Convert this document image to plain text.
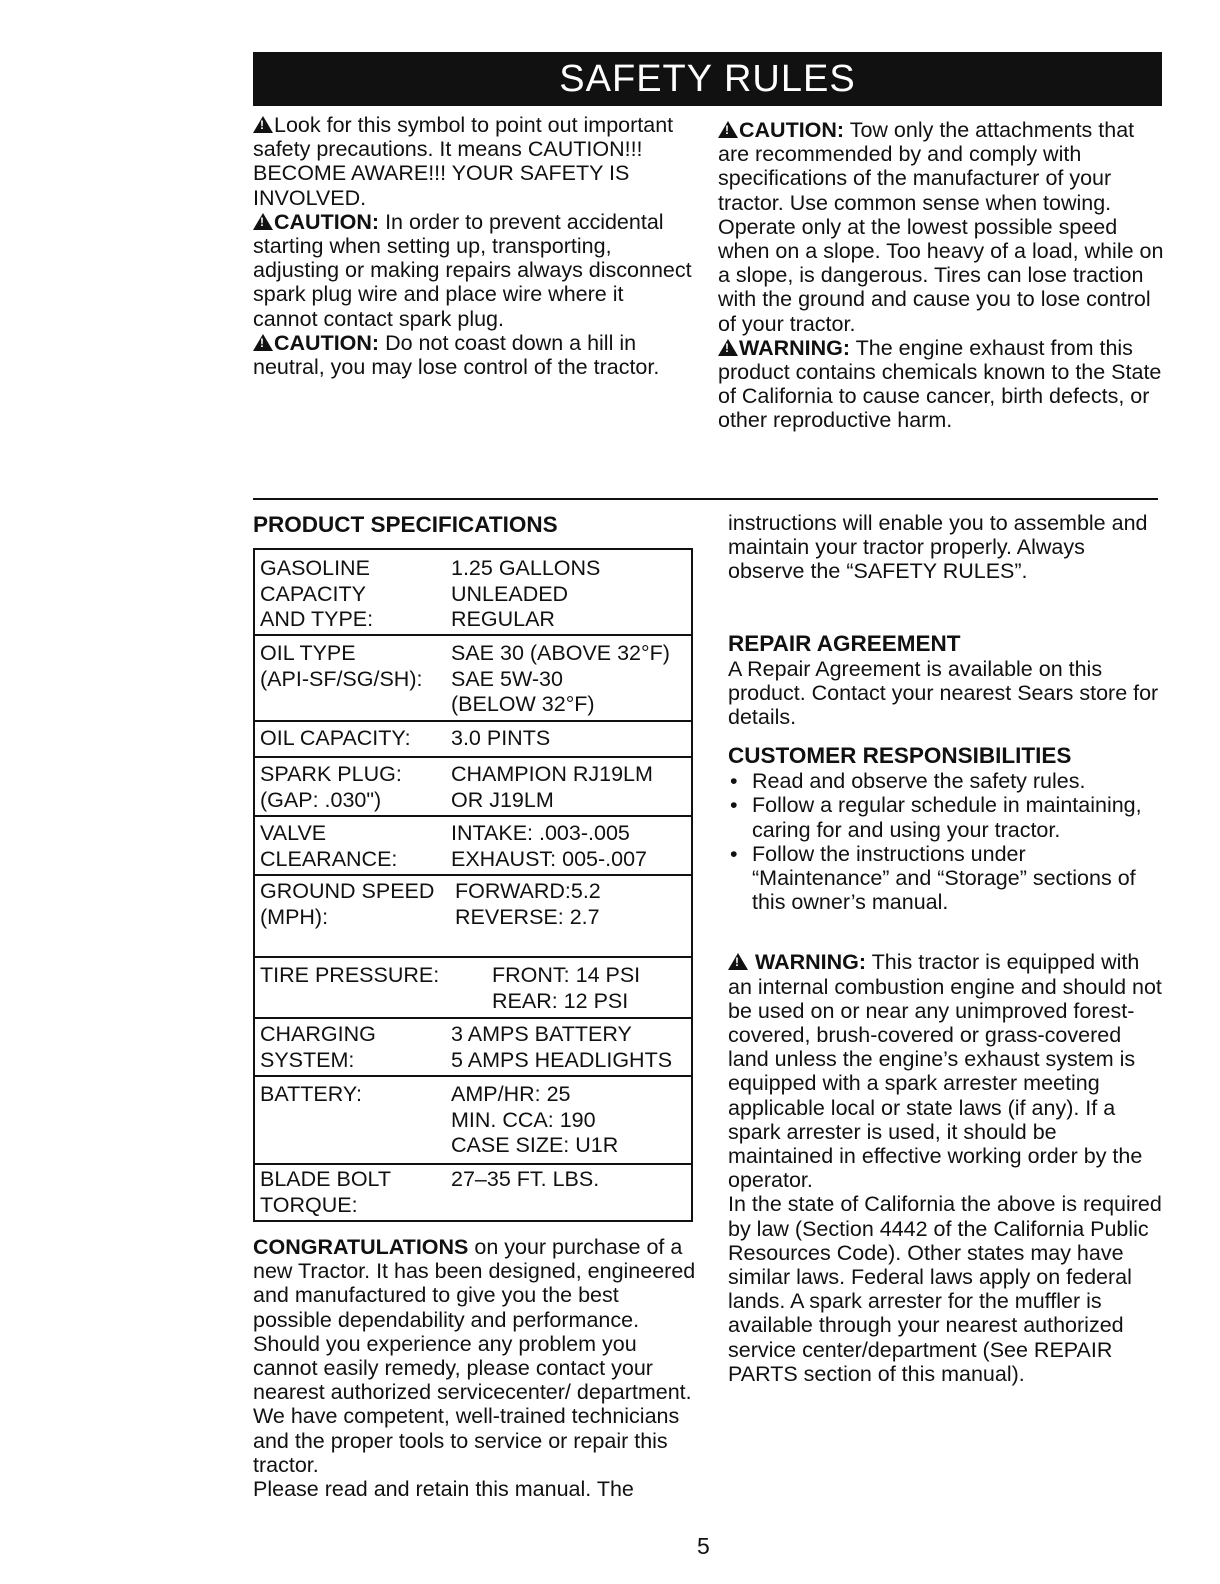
SAFETY RULES

!Look for this symbol to point out important safety precautions. It means CAUTION!!! BECOME AWARE!!! YOUR SAFETY IS INVOLVED.

!CAUTION: In order to prevent accidental starting when setting up, transporting, adjusting or making repairs always disconnect spark plug wire and place wire where it cannot contact spark plug.

!CAUTION: Do not coast down a hill in neutral, you may lose control of the tractor.

!CAUTION: Tow only the attachments that are recommended by and comply with specifications of the manufacturer of your tractor. Use common sense when towing. Operate only at the lowest possible speed when on a slope. Too heavy of a load, while on a slope, is dangerous. Tires can lose traction with the ground and cause you to lose control of your tractor.

!WARNING: The engine exhaust from this product contains chemicals known to the State of California to cause cancer, birth defects, or other reproductive harm.

PRODUCT SPECIFICATIONS
GASOLINE
CAPACITY
AND TYPE:
1.25 GALLONS
UNLEADED
REGULAR
OIL TYPE
(API-SF/SG/SH):
SAE 30 (ABOVE 32°F)
SAE 5W-30
(BELOW 32°F)
OIL CAPACITY: 3.0 PINTS
SPARK PLUG:
(GAP: .030")
CHAMPION RJ19LM
OR J19LM
VALVE
CLEARANCE:
INTAKE: .003-.005
EXHAUST: 005-.007
GROUND SPEED
(MPH):
FORWARD:5.2
REVERSE: 2.7
TIRE PRESSURE: FRONT: 14 PSI
REAR: 12 PSI
CHARGING
SYSTEM:
3 AMPS BATTERY
5 AMPS HEADLIGHTS
BATTERY:	AMP/HR: 25
MIN. CCA: 190
CASE SIZE: U1R
BLADE BOLT
TORQUE:
27–35 FT. LBS.

CONGRATULATIONS on your purchase of a new Tractor. It has been designed, engineered and manufactured to give you the best possible dependability and performance.

Should you experience any problem you cannot easily remedy, please contact your nearest authorized servicecenter/ department. We have competent, well-trained technicians and the proper tools to service or repair this tractor.

Please read and retain this manual. The

instructions will enable you to assemble and maintain your tractor properly. Always observe the “SAFETY RULES”.

REPAIR AGREEMENT

A Repair Agreement is available on this product. Contact your nearest Sears store for details.

CUSTOMER RESPONSIBILITIES
• Read and observe the safety rules.
• Follow a regular schedule in maintaining, caring for and using your tractor.
• Follow the instructions under “Maintenance” and “Storage” sections of this owner’s manual.

! WARNING: This tractor is equipped with an internal combustion engine and should not be used on or near any unimproved forest-covered, brush-covered or grass-covered land unless the engine’s exhaust system is equipped with a spark arrester meeting applicable local or state laws (if any). If a spark arrester is used, it should be maintained in effective working order by the operator.

In the state of California the above is required by law (Section 4442 of the California Public Resources Code). Other states may have similar laws. Federal laws apply on federal lands. A spark arrester for the muffler is available through your nearest authorized service center/department (See REPAIR PARTS section of this manual).

5
